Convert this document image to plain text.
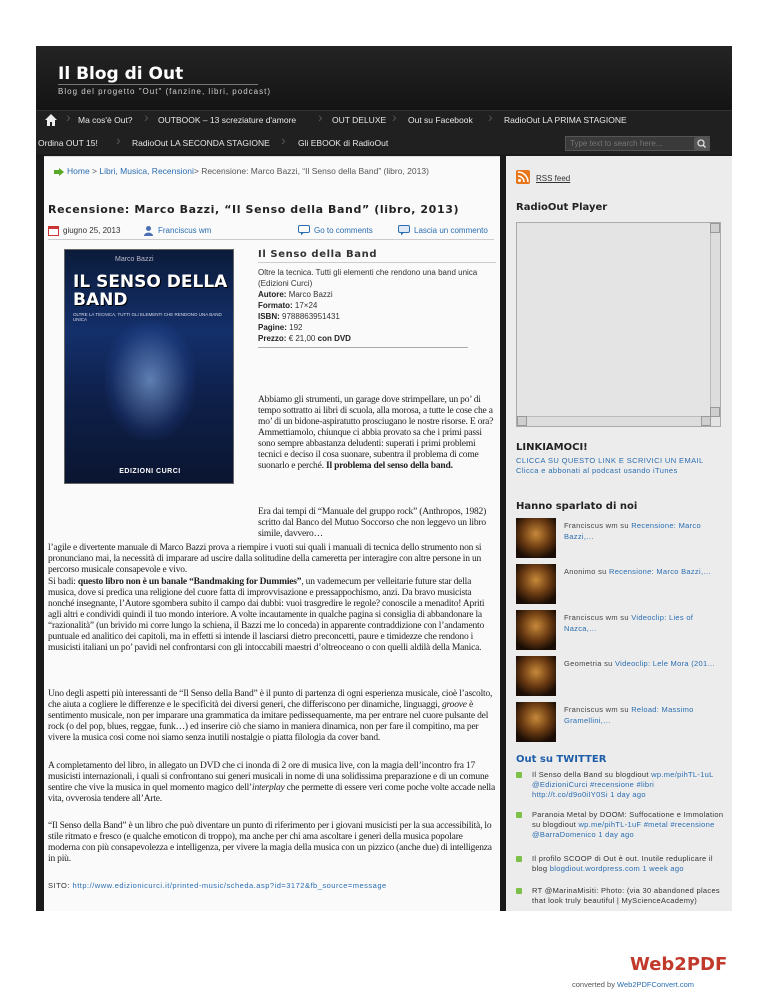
Il Blog di Out
Blog del progetto "Out" (fanzine, libri, podcast)
› Ma cos'è Out? › OUTBOOK – 13 screziature d'amore › OUT DELUXE › Out su Facebook › RadioOut LA PRIMA STAGIONE
Ordina OUT 15! › RadioOut LA SECONDA STAGIONE › Gli EBOOK di RadioOut
Type text to search here...
Home > Libri, Musica, Recensioni> Recensione: Marco Bazzi, “Il Senso della Band” (libro, 2013)
Recensione: Marco Bazzi, “Il Senso della Band” (libro, 2013)
giugno 25, 2013	Franciscus wm	Go to comments	Lascia un commento
Marco Bazzi
IL SENSO DELLA BAND
OLTRE LA TECNICA, TUTTI GLI ELEMENTI CHE RENDONO UNA BAND UNICA
EDIZIONI CURCI
Il Senso della Band
Oltre la tecnica. Tutti gli elementi che rendono una band unica (Edizioni Curci)
Autore: Marco Bazzi
Formato: 17×24
ISBN: 9788863951431
Pagine: 192
Prezzo: € 21,00 con DVD
Abbiamo gli strumenti, un garage dove strimpellare, un po’ di tempo sottratto ai libri di scuola, alla morosa, a tutte le cose che a mo’ di un bidone-aspiratutto prosciugano le nostre risorse. E ora? Ammettiamolo, chiunque ci abbia provato sa che i primi passi sono sempre abbastanza deludenti: superati i primi problemi tecnici e deciso il cosa suonare, subentra il problema di come suonarlo e perché. Il problema del senso della band.
Era dai tempi di “Manuale del gruppo rock” (Anthropos, 1982) scritto dal Banco del Mutuo Soccorso che non leggevo un libro simile, davvero…
l’agile e divertente manuale di Marco Bazzi prova a riempire i vuoti sui quali i manuali di tecnica dello strumento non si pronunciano mai, la necessità di imparare ad uscire dalla solitudine della cameretta per interagire con altre persone in un percorso musicale consapevole e vivo.
Si badi: questo libro non è un banale “Bandmaking for Dummies”, un vademecum per velleitarie future star della musica, dove si predica una religione del cuore fatta di improvvisazione e pressappochismo, anzi. Da bravo musicista nonché insegnante, l’Autore sgombera subito il campo dai dubbi: vuoi trasgredire le regole? conoscile a menadito! Apriti agli altri e condividi quindi il tuo mondo interiore. A volte incautamente in qualche pagina si consiglia di abbandonare la “razionalità” (un brivido mi corre lungo la schiena, il Bazzi me lo conceda) in apparente contraddizione con l’andamento puntuale ed analitico dei capitoli, ma in effetti si intende il lasciarsi dietro preconcetti, paure e timidezze che rendono i musicisti italiani un po’ pavidi nel confrontarsi con gli intoccabili maestri d’oltreoceano o con quelli aldilà della Manica.
Uno degli aspetti più interessanti de “Il Senso della Band” è il punto di partenza di ogni esperienza musicale, cioè l’ascolto, che aiuta a cogliere le differenze e le specificità dei diversi generi, che differiscono per dinamiche, linguaggi, groove è sentimento musicale, non per imparare una grammatica da imitare pedissequamente, ma per entrare nel cuore pulsante del rock (o del pop, blues, reggae, funk…) ed inserire ciò che siamo in maniera dinamica, non per fare il compitino, ma per vivere la musica così come noi siamo senza inutili nostalgie o piatta filologia da cover band.
A completamento del libro, in allegato un DVD che ci inonda di 2 ore di musica live, con la magia dell’incontro fra 17 musicisti internazionali, i quali si confrontano sui generi musicali in nome di una solidissima preparazione e di un comune sentire che vive la musica in quel momento magico dell’interplay che permette di essere veri come poche volte accade nella vita, ovverosia tendere all’Arte.
“Il Senso della Band” è un libro che può diventare un punto di riferimento per i giovani musicisti per la sua accessibilità, lo stile ritmato e fresco (e qualche emoticon di troppo), ma anche per chi ama ascoltare i generi della musica popolare moderna con più consapevolezza e intelligenza, per vivere la magia della musica con un pizzico (anche due) di intelligenza in più.
SITO: http://www.edizionicurci.it/printed-music/scheda.asp?id=3172&fb_source=message
RSS feed
RadioOut Player
LINKIAMOCI!
CLICCA SU QUESTO LINK E SCRIVICI UN EMAIL Clicca e abbonati al podcast usando iTunes
Hanno sparlato di noi
Franciscus wm su Recensione: Marco Bazzi,…
Anonimo su Recensione: Marco Bazzi,…
Franciscus wm su Videoclip: Lies of Nazca,…
Geometria su Videoclip: Lele Mora (201…
Franciscus wm su Reload: Massimo Gramellini,…
Out su TWITTER
Il Senso della Band su blogdiout wp.me/pihTL-1uL @EdizioniCurci #recensione #libri http://t.co/d9o0iIY0Si 1 day ago
Paranoia Metal by DOOM: Suffocatione e Immolation su blogdiout wp.me/pihTL-1uF #metal #recensione @BarraDomenico 1 day ago
Il profilo SCOOP di Out è out. Inutile reduplicare il blog blogdiout.wordpress.com 1 week ago
RT @MarinaMisiti: Photo: (via 30 abandoned places that look truly beautiful | MyScienceAcademy)
Web2PDF
converted by Web2PDFConvert.com
